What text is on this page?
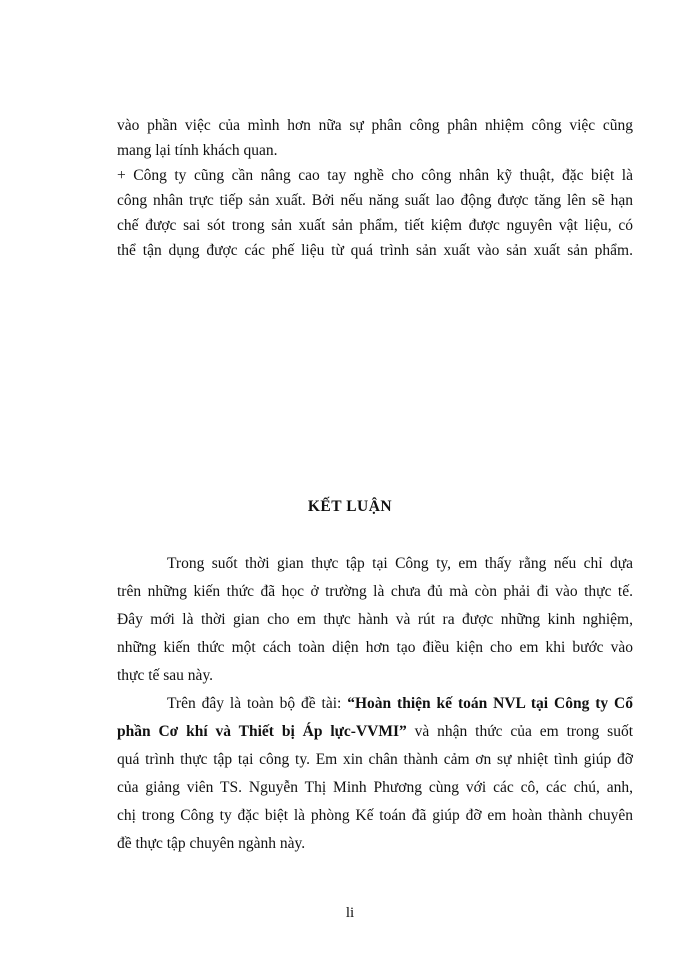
vào phần việc của mình hơn nữa sự phân công phân nhiệm công việc cũng
mang lại tính khách quan.
+ Công ty cũng cần nâng cao tay nghề cho công nhân kỹ thuật, đặc biệt là
công nhân trực tiếp sản xuất. Bởi nếu năng suất lao động được tăng lên sẽ hạn
chế được sai sót trong sản xuất sản phẩm, tiết kiệm được nguyên vật liệu, có
thể tận dụng được các phế liệu từ quá trình sản xuất vào sản xuất sản phẩm.
KẾT LUẬN
Trong suốt thời gian thực tập tại Công ty, em thấy rằng nếu chỉ dựa
trên những kiến thức đã học ở trường là chưa đủ mà còn phải đi vào thực tế.
Đây mới là thời gian cho em thực hành và rút ra được những kinh nghiệm,
những kiến thức một cách toàn diện hơn tạo điều kiện cho em khi bước vào
thực tế sau này.
Trên đây là toàn bộ đề tài: “Hoàn thiện kế toán NVL tại Công ty Cổ
phần Cơ khí và Thiết bị Áp lực-VVMI” và nhận thức của em trong suốt
quá trình thực tập tại công ty. Em xin chân thành cảm ơn sự nhiệt tình giúp đỡ
của giảng viên TS. Nguyễn Thị Minh Phương cùng với các cô, các chú, anh,
chị trong Công ty đặc biệt là phòng Kế toán đã giúp đỡ em hoàn thành chuyên
đề thực tập chuyên ngành này.
li
